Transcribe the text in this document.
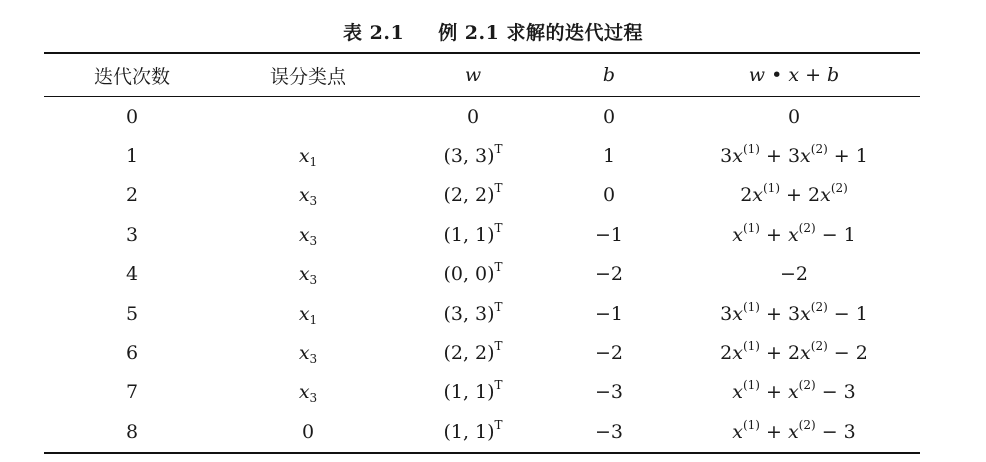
表 2.1 例 2.1 求解的迭代过程
迭代次数	误分类点	w	b	w • x + b
0		0	0	0
1	$x_1$	(3, 3)$^T$	1	$3x^{(1)} + 3x^{(2)} + 1$
2	$x_3$	(2, 2)$^T$	0	$2x^{(1)} + 2x^{(2)}$
3	$x_3$	(1, 1)$^T$	−1	$x^{(1)} + x^{(2)} - 1$
4	$x_3$	(0, 0)$^T$	−2	−2
5	$x_1$	(3, 3)$^T$	−1	$3x^{(1)} + 3x^{(2)} - 1$
6	$x_3$	(2, 2)$^T$	−2	$2x^{(1)} + 2x^{(2)} - 2$
7	$x_3$	(1, 1)$^T$	−3	$x^{(1)} + x^{(2)} - 3$
8	0	(1, 1)$^T$	−3	$x^{(1)} + x^{(2)} - 3$
